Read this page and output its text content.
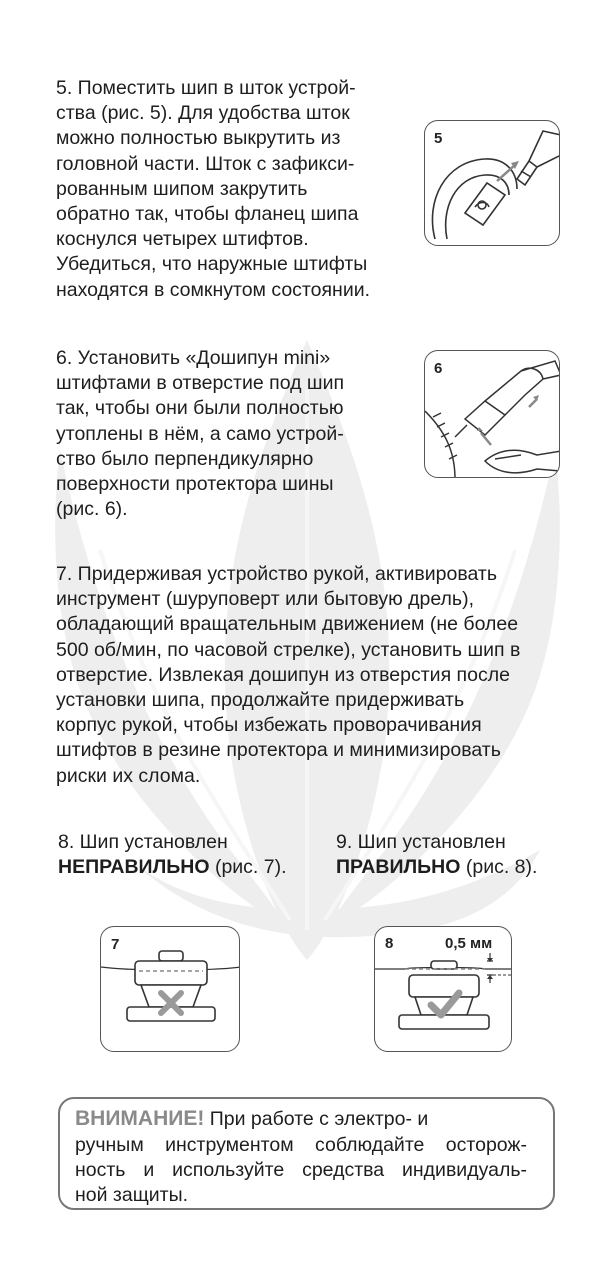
5. Поместить шип в шток устрой-
ства (рис. 5). Для удобства шток
можно полностью выкрутить из
головной части. Шток с зафикси-
рованным шипом закрутить
обратно так, чтобы фланец шипа
коснулся четырех штифтов.
Убедиться, что наружные штифты
находятся в сомкнутом состоянии.
5
6. Установить «Дошипун mini»
штифтами в отверстие под шип
так, чтобы они были полностью
утоплены в нём, а само устрой-
ство было перпендикулярно
поверхности протектора шины
(рис. 6).
6
7. Придерживая устройство рукой, активировать
инструмент (шуруповерт или бытовую дрель),
обладающий вращательным движением (не более
500 об/мин, по часовой стрелке), установить шип в
отверстие. Извлекая дошипун из отверстия после
установки шипа, продолжайте придерживать
корпус рукой, чтобы избежать проворачивания
штифтов в резине протектора и минимизировать
риски их слома.
8. Шип установлен
НЕПРАВИЛЬНО (рис. 7).
9. Шип установлен
ПРАВИЛЬНО (рис. 8).
7	8	0,5 мм
ВНИМАНИЕ! При работе с электро- и
ручным инструментом соблюдайте осторож-
ность и используйте средства индивидуаль-
ной защиты.
